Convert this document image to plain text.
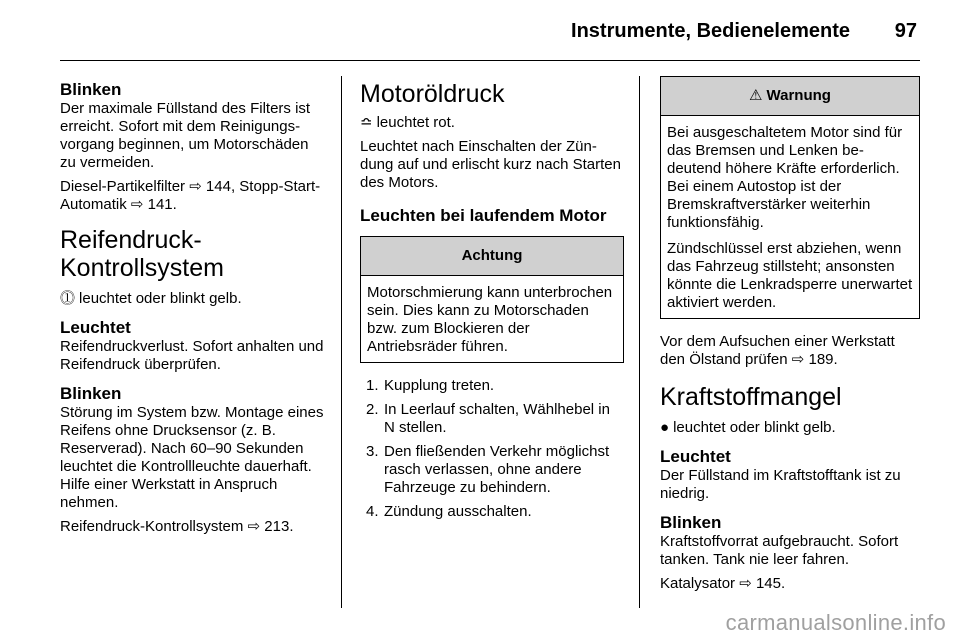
Instrumente, Bedienelemente 97
Blinken

Der maximale Füllstand des Filters ist erreicht. Sofort mit dem Reinigungsvorgang beginnen, um Motorschäden zu vermeiden.

Diesel-Partikelfilter ⇨ 144, Stopp-Start-Automatik ⇨ 141.

Reifendruck-Kontrollsystem

⓵ leuchtet oder blinkt gelb.

Leuchtet

Reifendruckverlust. Sofort anhalten und Reifendruck überprüfen.

Blinken

Störung im System bzw. Montage eines Reifens ohne Drucksensor (z. B. Reserverad). Nach 60–90 Sekunden leuchtet die Kontrollleuchte dauerhaft. Hilfe einer Werkstatt in Anspruch nehmen.

Reifendruck-Kontrollsystem ⇨ 213.

Motoröldruck

≏ leuchtet rot.

Leuchtet nach Einschalten der Zündung auf und erlischt kurz nach Starten des Motors.

Leuchten bei laufendem Motor
Achtung

Motorschmierung kann unterbrochen sein. Dies kann zu Motorschaden bzw. zum Blockieren der Antriebsräder führen.

1. Kupplung treten.
2. In Leerlauf schalten, Wählhebel in N stellen.
3. Den fließenden Verkehr möglichst rasch verlassen, ohne andere Fahrzeuge zu behindern.
4. Zündung ausschalten.
⚠ Warnung

Bei ausgeschaltetem Motor sind für das Bremsen und Lenken bedeutend höhere Kräfte erforderlich. Bei einem Autostop ist der Bremskraftverstärker weiterhin funktionsfähig.

Zündschlüssel erst abziehen, wenn das Fahrzeug stillsteht; ansonsten könnte die Lenkradsperre unerwartet aktiviert werden.

Vor dem Aufsuchen einer Werkstatt den Ölstand prüfen ⇨ 189.

Kraftstoffmangel

● leuchtet oder blinkt gelb.

Leuchtet

Der Füllstand im Kraftstofftank ist zu niedrig.

Blinken

Kraftstoffvorrat aufgebraucht. Sofort tanken. Tank nie leer fahren.

Katalysator ⇨ 145.

carmanualsonline.info
